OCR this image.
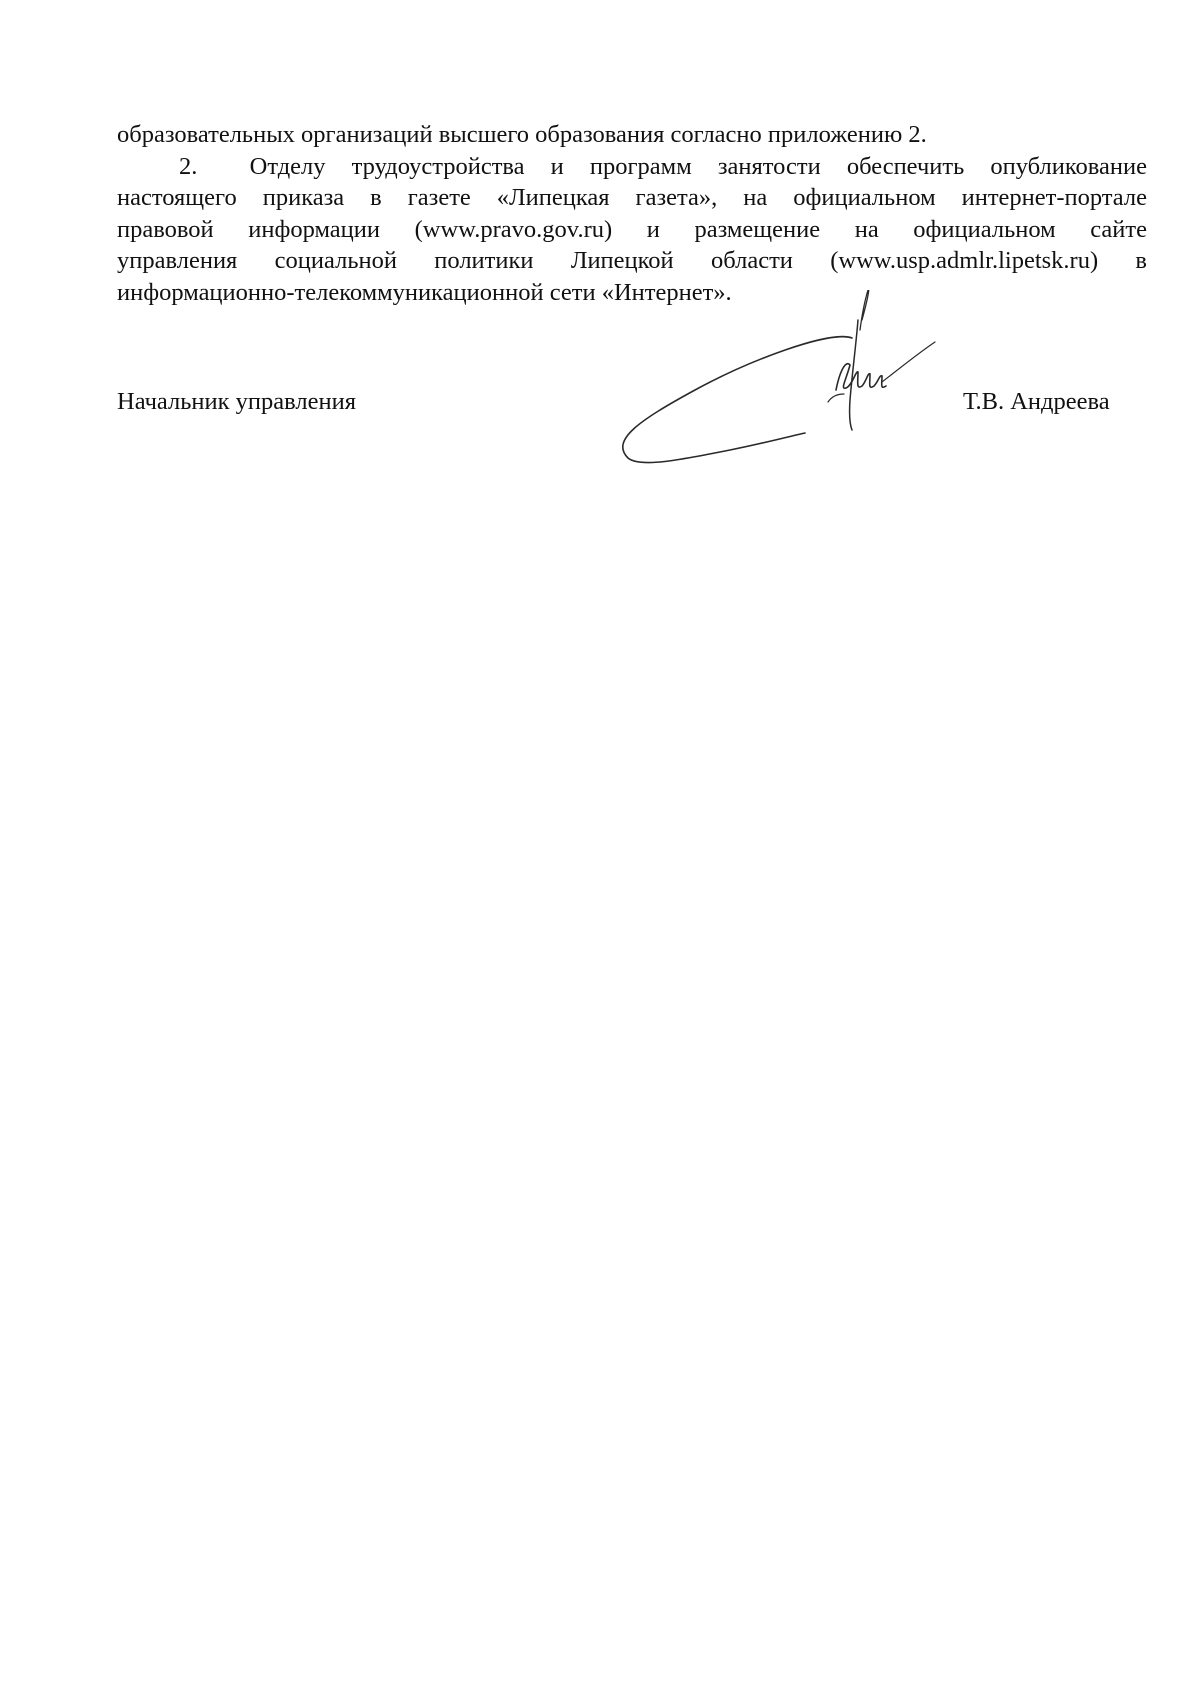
образовательных организаций высшего образования согласно приложению 2.
2. Отделу трудоустройства и программ занятости обеспечить опубликование
настоящего приказа в газете «Липецкая газета», на официальном интернет-портале
правовой информации (www.pravo.gov.ru) и размещение на официальном сайте
управления социальной политики Липецкой области (www.usp.admlr.lipetsk.ru) в
информационно-телекоммуникационной сети «Интернет».
Начальник управления	Т.В. Андреева
